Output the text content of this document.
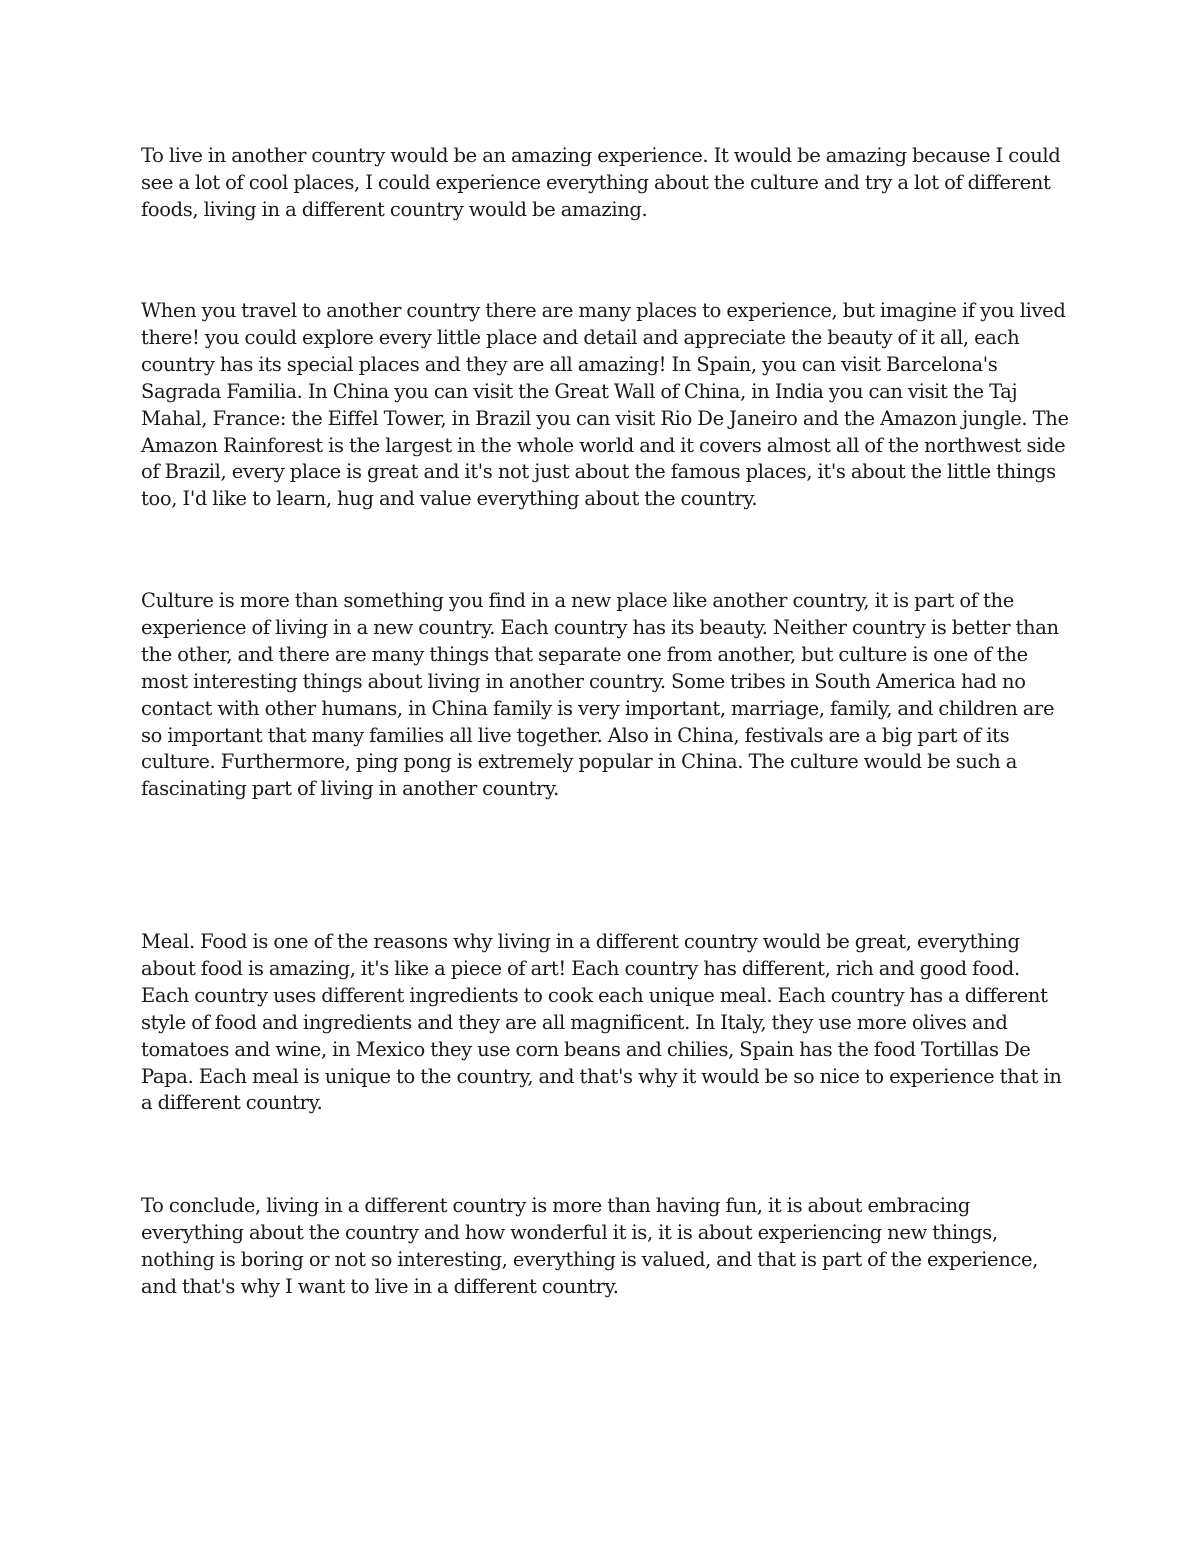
To live in another country would be an amazing experience. It would be amazing because I could see a lot of cool places, I could experience everything about the culture and try a lot of different foods, living in a different country would be amazing.

When you travel to another country there are many places to experience, but imagine if you lived there! you could explore every little place and detail and appreciate the beauty of it all, each country has its special places and they are all amazing! In Spain, you can visit Barcelona's Sagrada Familia. In China you can visit the Great Wall of China, in India you can visit the Taj Mahal, France: the Eiffel Tower, in Brazil you can visit Rio De Janeiro and the Amazon jungle. The Amazon Rainforest is the largest in the whole world and it covers almost all of the northwest side of Brazil, every place is great and it's not just about the famous places, it's about the little things too, I'd like to learn, hug and value everything about the country.

Culture is more than something you find in a new place like another country, it is part of the experience of living in a new country. Each country has its beauty. Neither country is better than the other, and there are many things that separate one from another, but culture is one of the most interesting things about living in another country. Some tribes in South America had no contact with other humans, in China family is very important, marriage, family, and children are so important that many families all live together. Also in China, festivals are a big part of its culture. Furthermore, ping pong is extremely popular in China. The culture would be such a fascinating part of living in another country.

Meal. Food is one of the reasons why living in a different country would be great, everything about food is amazing, it's like a piece of art! Each country has different, rich and good food. Each country uses different ingredients to cook each unique meal. Each country has a different style of food and ingredients and they are all magnificent. In Italy, they use more olives and tomatoes and wine, in Mexico they use corn beans and chilies, Spain has the food Tortillas De Papa. Each meal is unique to the country, and that's why it would be so nice to experience that in a different country.

To conclude, living in a different country is more than having fun, it is about embracing everything about the country and how wonderful it is, it is about experiencing new things, nothing is boring or not so interesting, everything is valued, and that is part of the experience, and that's why I want to live in a different country.
